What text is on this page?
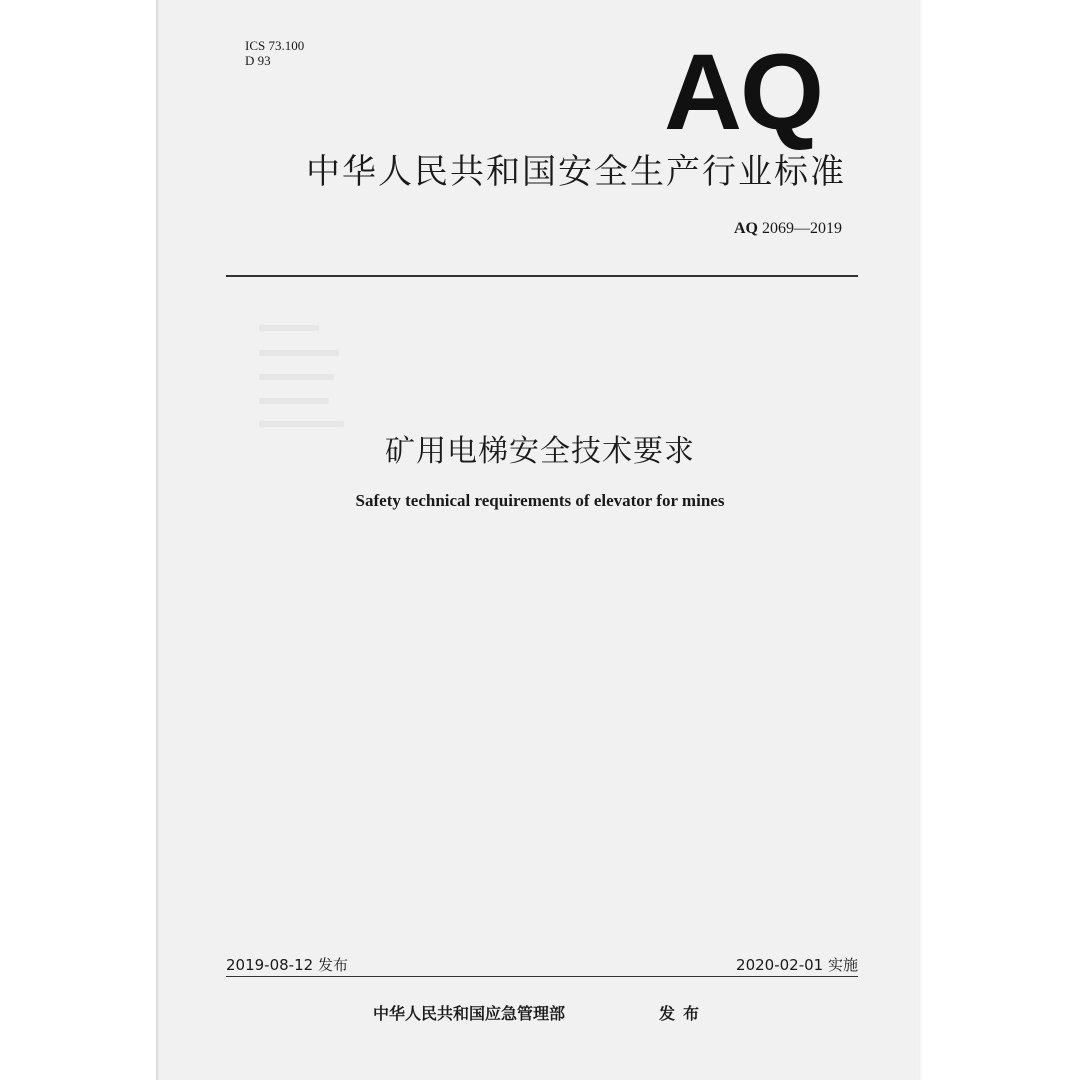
ICS 73.100
D 93	AQ
中华人民共和国安全生产行业标准
AQ 2069—2019
矿用电梯安全技术要求
Safety technical requirements of elevator for mines
2019-08-12 发布	2020-02-01 实施
中华人民共和国应急管理部	发布
